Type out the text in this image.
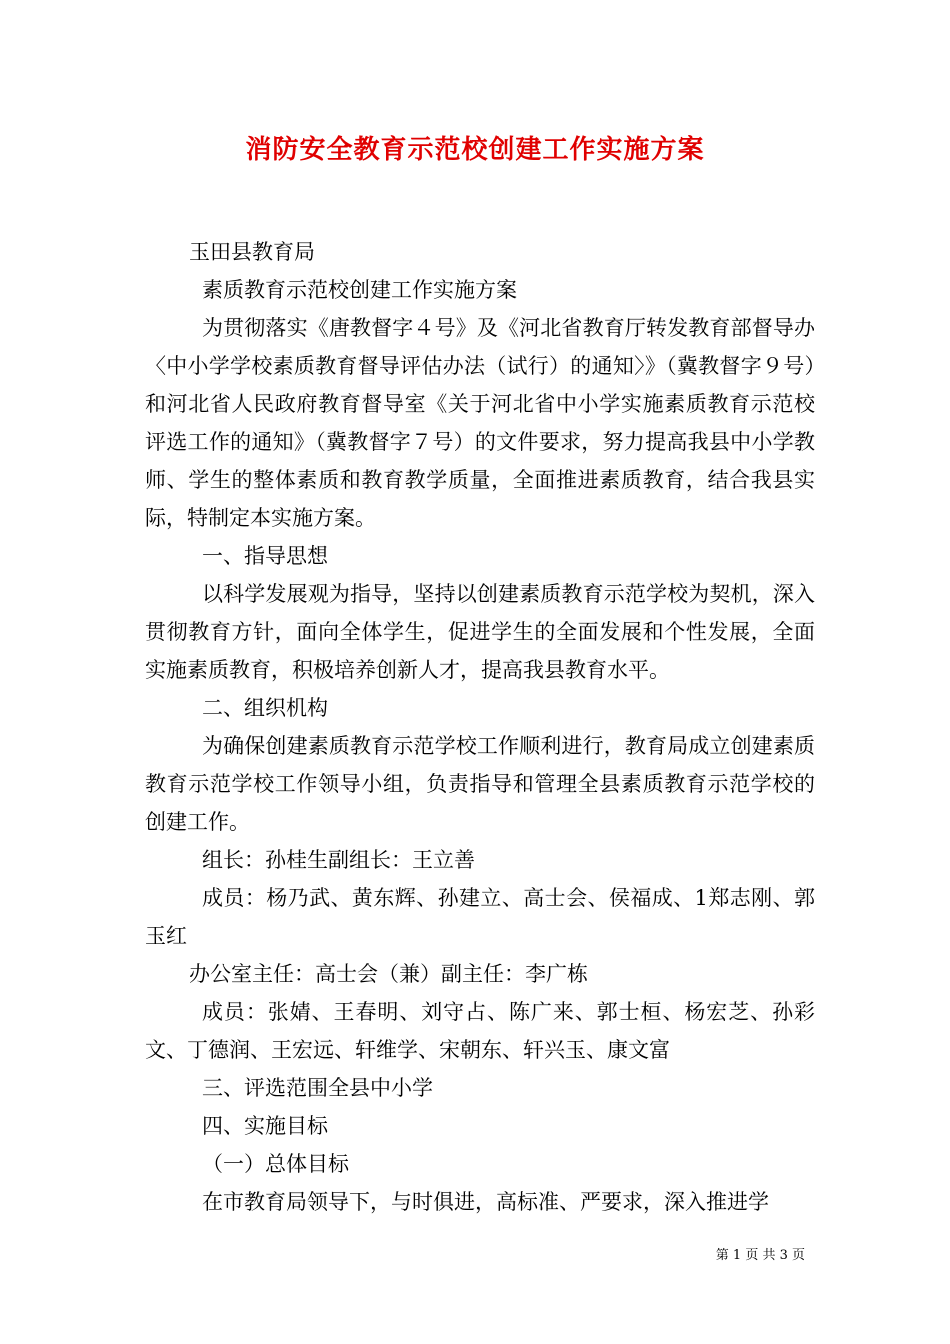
消防安全教育示范校创建工作实施方案

玉田县教育局

素质教育示范校创建工作实施方案

为贯彻落实《唐教督字４号》及《河北省教育厅转发教育部督导办〈中小学学校素质教育督导评估办法（试行）的通知〉》（冀教督字９号）和河北省人民政府教育督导室《关于河北省中小学实施素质教育示范校评选工作的通知》（冀教督字７号）的文件要求，努力提高我县中小学教师、学生的整体素质和教育教学质量，全面推进素质教育，结合我县实际，特制定本实施方案。

一、指导思想

以科学发展观为指导，坚持以创建素质教育示范学校为契机，深入贯彻教育方针，面向全体学生，促进学生的全面发展和个性发展，全面实施素质教育，积极培养创新人才，提高我县教育水平。

二、组织机构

为确保创建素质教育示范学校工作顺利进行，教育局成立创建素质教育示范学校工作领导小组，负责指导和管理全县素质教育示范学校的创建工作。

组长：孙桂生副组长：王立善

成员：杨乃武、黄东辉、孙建立、高士会、侯福成、1郑志刚、郭玉红

办公室主任：高士会（兼）副主任：李广栋

成员：张婧、王春明、刘守占、陈广来、郭士桓、杨宏芝、孙彩文、丁德润、王宏远、轩维学、宋朝东、轩兴玉、康文富

三、评选范围全县中小学

四、实施目标

（一）总体目标

在市教育局领导下，与时俱进，高标准、严要求，深入推进学

第 1 页 共 3 页
